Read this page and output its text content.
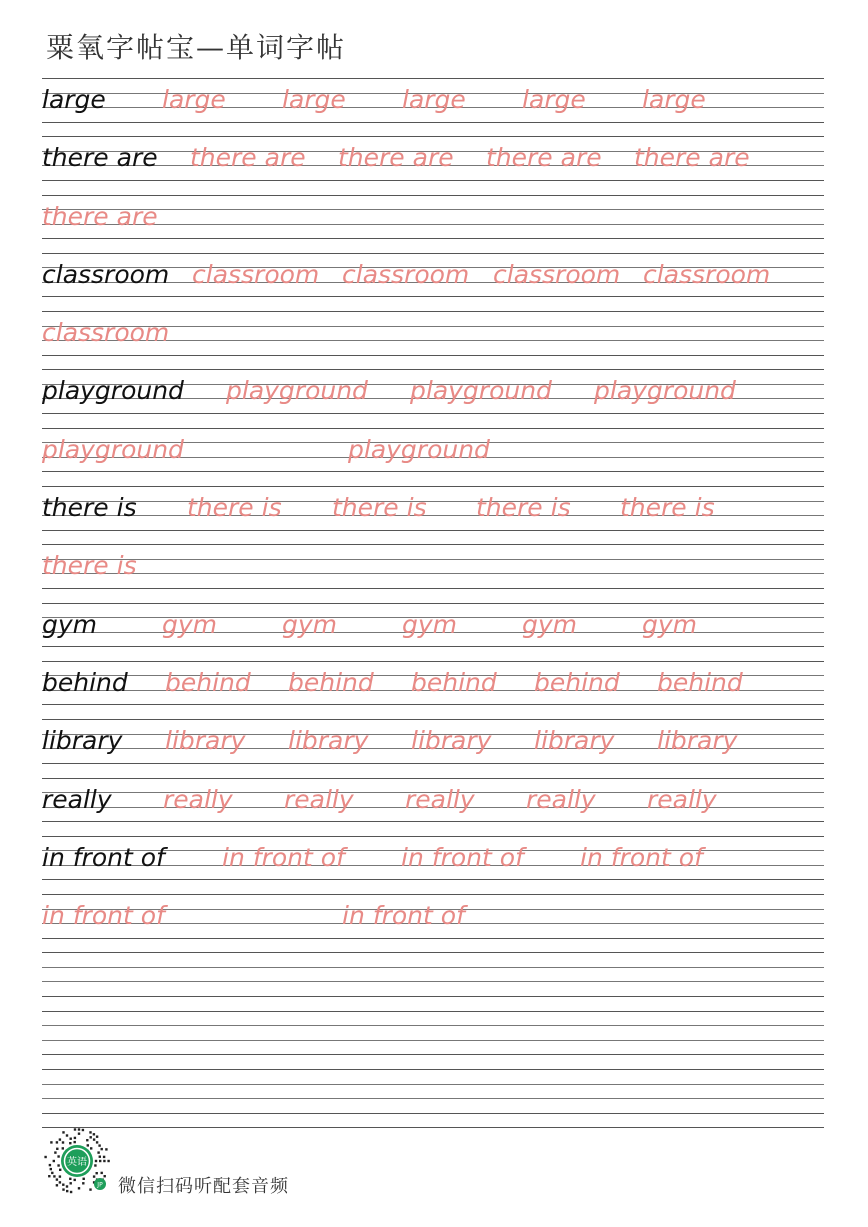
粟氧字帖宝—单词字帖
large large large large large large
there are there are there are there are there are
there are
classroom classroom classroom classroom classroom
classroom
playground playground playground playground
playground	playground
there is there is there is there is there is
there is
gym	gym	gym	gym	gym	gym
behind behind behind behind behind behind
library library library library library library
really really really really really really
in front of in front of in front of in front of
in front of	in front of
英语
JP 微信扫码听配套音频
